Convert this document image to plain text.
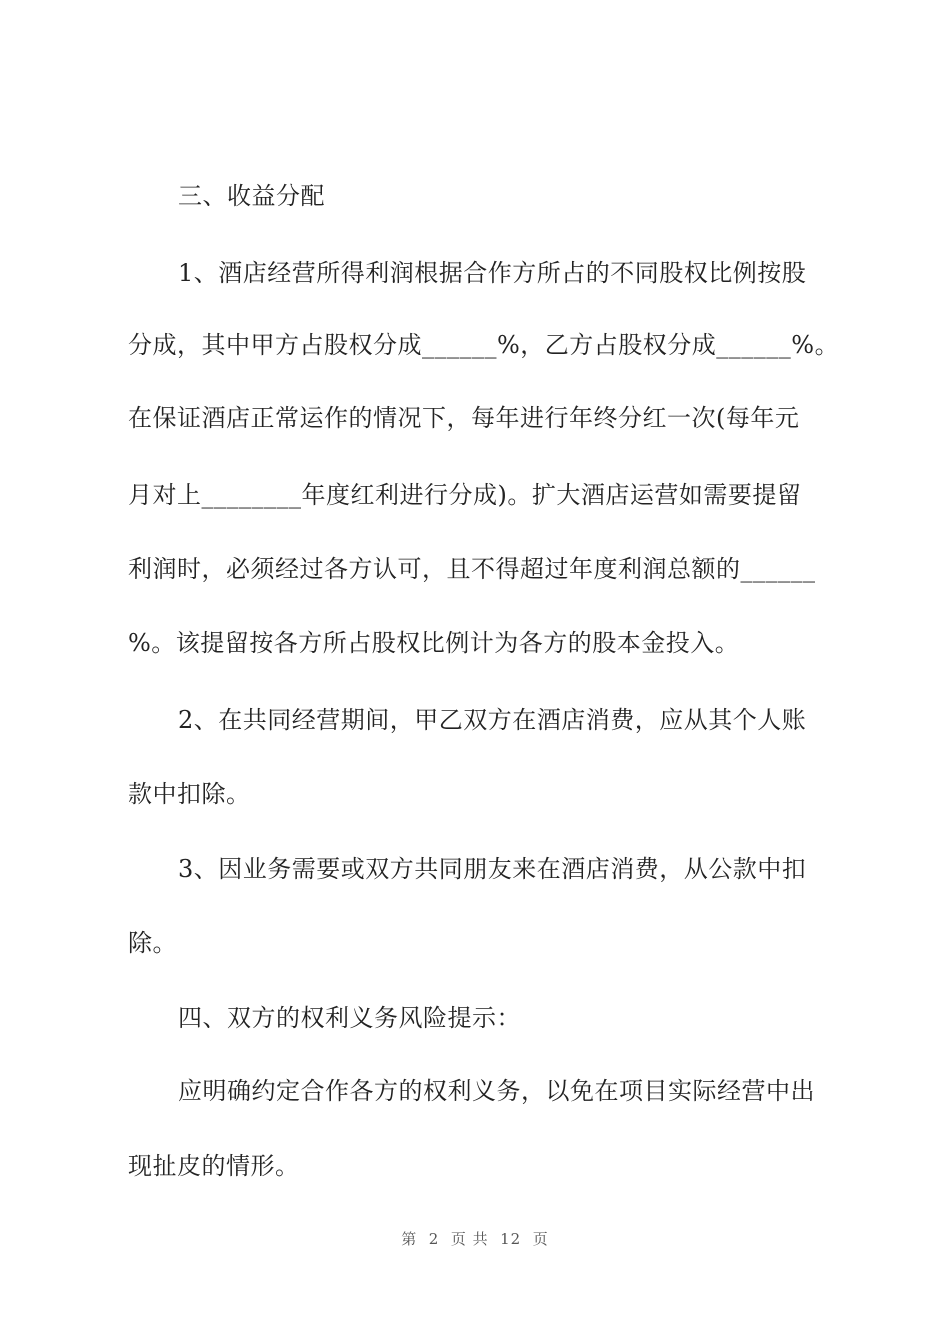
三、收益分配
1、酒店经营所得利润根据合作方所占的不同股权比例按股
分成，其中甲方占股权分成______%，乙方占股权分成______%。
在保证酒店正常运作的情况下，每年进行年终分红一次(每年元
月对上________年度红利进行分成)。扩大酒店运营如需要提留
利润时，必须经过各方认可，且不得超过年度利润总额的______
%。该提留按各方所占股权比例计为各方的股本金投入。
2、在共同经营期间，甲乙双方在酒店消费，应从其个人账
款中扣除。
3、因业务需要或双方共同朋友来在酒店消费，从公款中扣
除。
四、双方的权利义务风险提示：
应明确约定合作各方的权利义务，以免在项目实际经营中出
现扯皮的情形。
第  2  页 共  12  页
